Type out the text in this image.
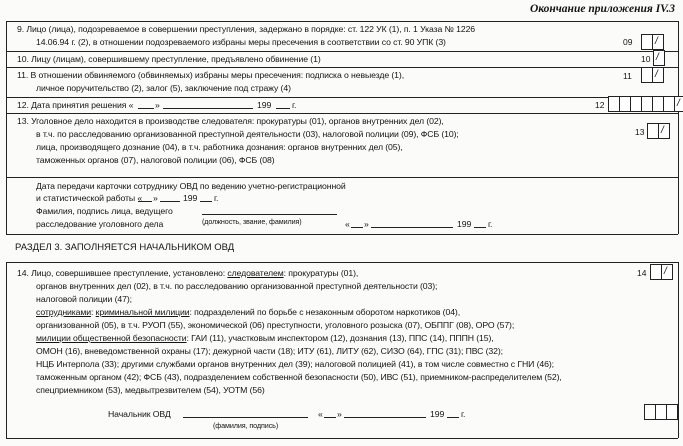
Окончание приложения IV.3
9. Лицо (лица), подозреваемое в совершении преступления, задержано в порядке: ст. 122 УК (1), п. 1 Указа № 1226
14.06.94 г. (2), в отношении подозреваемого избраны меры пресечения в соответствии со ст. 90 УПК (3)	09 /
10. Лицу (лицам), совершившему преступление, предъявлено обвинение (1)	10 /
11. В отношении обвиняемого (обвиняемых) избраны меры пресечения: подписка о невыезде (1),
личное поручительство (2), залог (5), заключение под стражу (4)
11 /
12. Дата принятия решения « »	199 г.	12	/
13. Уголовное дело находится в производстве следователя: прокуратуры (01), органов внутренних дел (02),
в т.ч. по расследованию организованной преступной деятельности (03), налоговой полиции (09), ФСБ (10);
лица, производящего дознание (04), в т.ч. работника дознания: органов внутренних дел (05),
таможенных органов (07), налоговой полиции (06), ФСБ (08)
13 /
Дата передачи карточки сотруднику ОВД по ведению учетно-регистрационной
и статистической работы « »	199 г.
Фамилия, подпись лица, ведущего
(должность, звание, фамилия)
расследование уголовного дела	« »	199 г.
РАЗДЕЛ 3. ЗАПОЛНЯЕТСЯ НАЧАЛЬНИКОМ ОВД
14. Лицо, совершившее преступление, установлено: следователем: прокуратуры (01),
органов внутренних дел (02), в т.ч. по расследованию организованной преступной деятельности (03);
налоговой полиции (47);
сотрудниками: криминальной милиции: подразделений по борьбе с незаконным оборотом наркотиков (04),
организованной (05), в т.ч. РУОП (55), экономической (06) преступности, уголовного розыска (07), ОБППГ (08), ОРО (57);
милиции общественной безопасности: ГАИ (11), участковым инспектором (12), дознания (13), ППС (14), ПППН (15),
ОМОН (16), вневедомственной охраны (17); дежурной части (18); ИТУ (61), ЛИТУ (62), СИЗО (64), ГПС (31); ПВС (32);
НЦБ Интерпола (33); другими службами органов внутренних дел (39); налоговой полицией (41), в том числе совместно с ГНИ (46);
таможенным органом (42); ФСБ (43), подразделением собственной безопасности (50), ИВС (51), приемником-распределителем (52),
спецприемником (53), медвытрезвителем (54), УОТМ (56)
14 /
Начальник ОВД
(фамилия, подпись)
« »	199 г.
